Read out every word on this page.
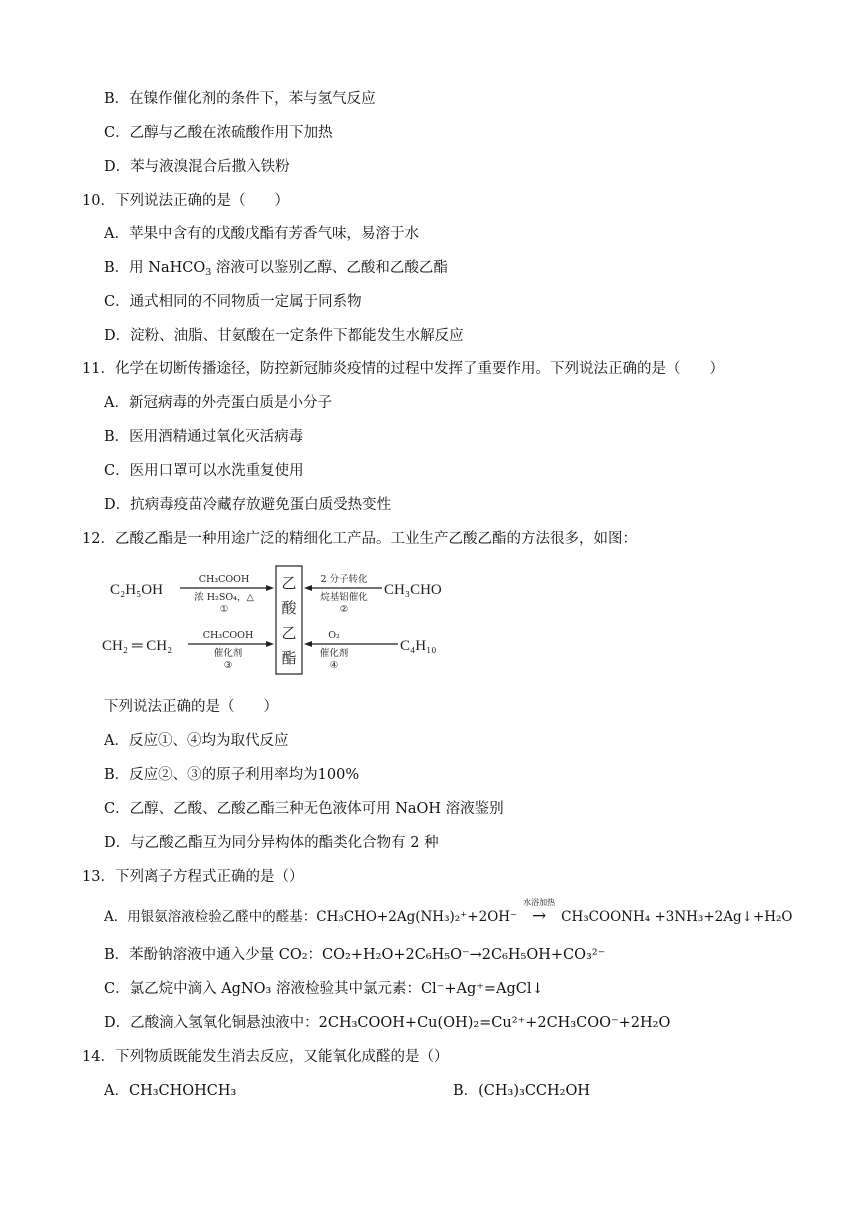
B．在镍作催化剂的条件下，苯与氢气反应
C．乙醇与乙酸在浓硫酸作用下加热
D．苯与液溴混合后撒入铁粉
10．下列说法正确的是（　　）
A．苹果中含有的戊酸戊酯有芳香气味，易溶于水
B．用 NaHCO$_3$ 溶液可以鉴别乙醇、乙酸和乙酸乙酯
C．通式相同的不同物质一定属于同系物
D．淀粉、油脂、甘氨酸在一定条件下都能发生水解反应
11．化学在切断传播途径，防控新冠肺炎疫情的过程中发挥了重要作用。下列说法正确的是（　　）
A．新冠病毒的外壳蛋白质是小分子
B．医用酒精通过氧化灭活病毒
C．医用口罩可以水洗重复使用
D．抗病毒疫苗冷藏存放避免蛋白质受热变性
12．乙酸乙酯是一种用途广泛的精细化工产品。工业生产乙酸乙酯的方法很多，如图：
C₂H₅OH
CH₂ ═ CH₂
CH₃CHO
C₄H₁₀
乙
酸
乙
酯
CH₃COOH
浓 H₂SO₄，△
①
CH₃COOH
催化剂
③
2 分子转化
烷基铝催化
②
O₂
催化剂
④
下列说法正确的是（　　）
A．反应①、④均为取代反应
B．反应②、③的原子利用率均为100%
C．乙醇、乙酸、乙酸乙酯三种无色液体可用 NaOH 溶液鉴别
D．与乙酸乙酯互为同分异构体的酯类化合物有 2 种
13．下列离子方程式正确的是（）
A．用银氨溶液检验乙醛中的醛基：CH₃CHO+2Ag(NH₃)₂⁺+2OH⁻
水浴加热
→ CH₃COONH₄ +3NH₃+2Ag↓+H₂O
B．苯酚钠溶液中通入少量 CO₂：CO₂+H₂O+2C₆H₅O⁻→2C₆H₅OH+CO₃²⁻
C．氯乙烷中滴入 AgNO₃ 溶液检验其中氯元素：Cl⁻+Ag⁺=AgCl↓
D．乙酸滴入氢氧化铜悬浊液中：2CH₃COOH+Cu(OH)₂=Cu²⁺+2CH₃COO⁻+2H₂O
14．下列物质既能发生消去反应，又能氧化成醛的是（）
A．CH₃CHOHCH₃	B．(CH₃)₃CCH₂OH
